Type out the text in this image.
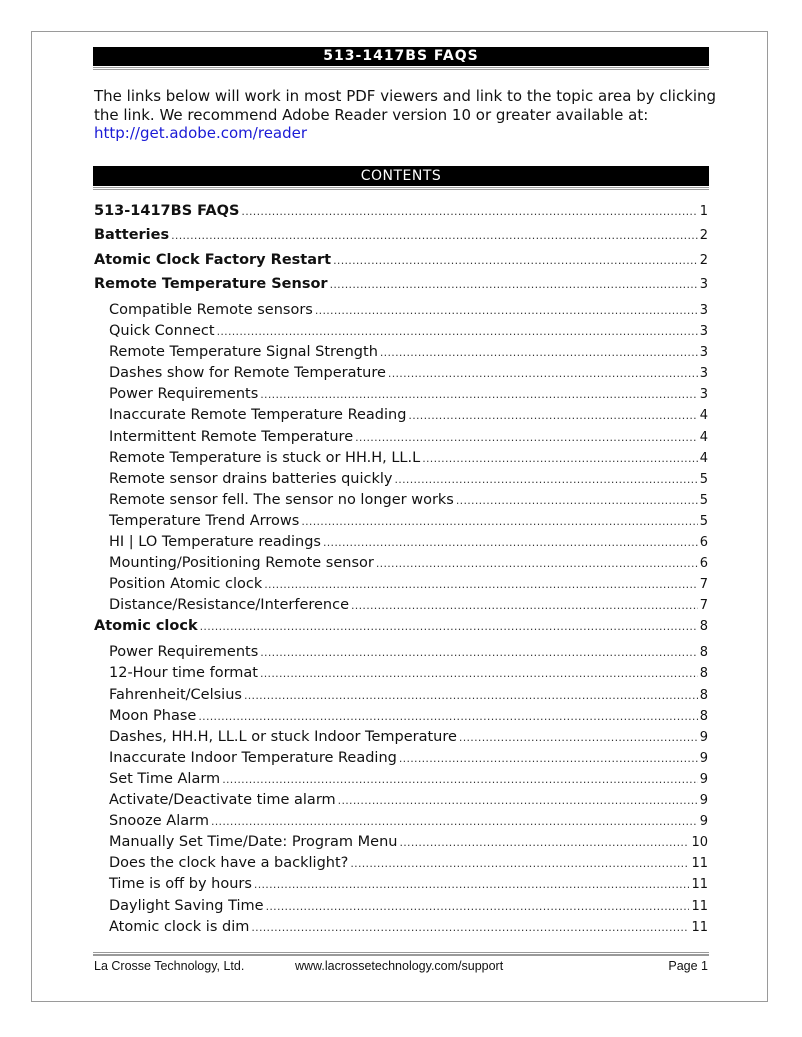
513-1417BS FAQS

The links below will work in most PDF viewers and link to the topic area by clicking
the link. We recommend Adobe Reader version 10 or greater available at:
http://get.adobe.com/reader

CONTENTS
513-1417BS FAQS .....	1
Batteries .....	2
Atomic Clock Factory Restart .....	2
Remote Temperature Sensor .....	3
Compatible Remote sensors .....	3
Quick Connect .....	3
Remote Temperature Signal Strength .....	3
Dashes show for Remote Temperature .....	3
Power Requirements .....	3
Inaccurate Remote Temperature Reading .....	4
Intermittent Remote Temperature .....	4
Remote Temperature is stuck or HH.H, LL.L .....	4
Remote sensor drains batteries quickly .....	5
Remote sensor fell. The sensor no longer works .....	5
Temperature Trend Arrows .....	5
HI | LO Temperature readings .....	6
Mounting/Positioning Remote sensor .....	6
Position Atomic clock .....	7
Distance/Resistance/Interference .....	7
Atomic clock .....	8
Power Requirements .....	8
12-Hour time format .....	8
Fahrenheit/Celsius .....	8
Moon Phase .....	8
Dashes, HH.H, LL.L or stuck Indoor Temperature .....	9
Inaccurate Indoor Temperature Reading .....	9
Set Time Alarm .....	9
Activate/Deactivate time alarm .....	9
Snooze Alarm .....	9
Manually Set Time/Date: Program Menu .....	10
Does the clock have a backlight? .....	11
Time is off by hours .....	11
Daylight Saving Time .....	11
Atomic clock is dim .....	11
La Crosse Technology, Ltd.	www.lacrossetechnology.com/support	Page 1
